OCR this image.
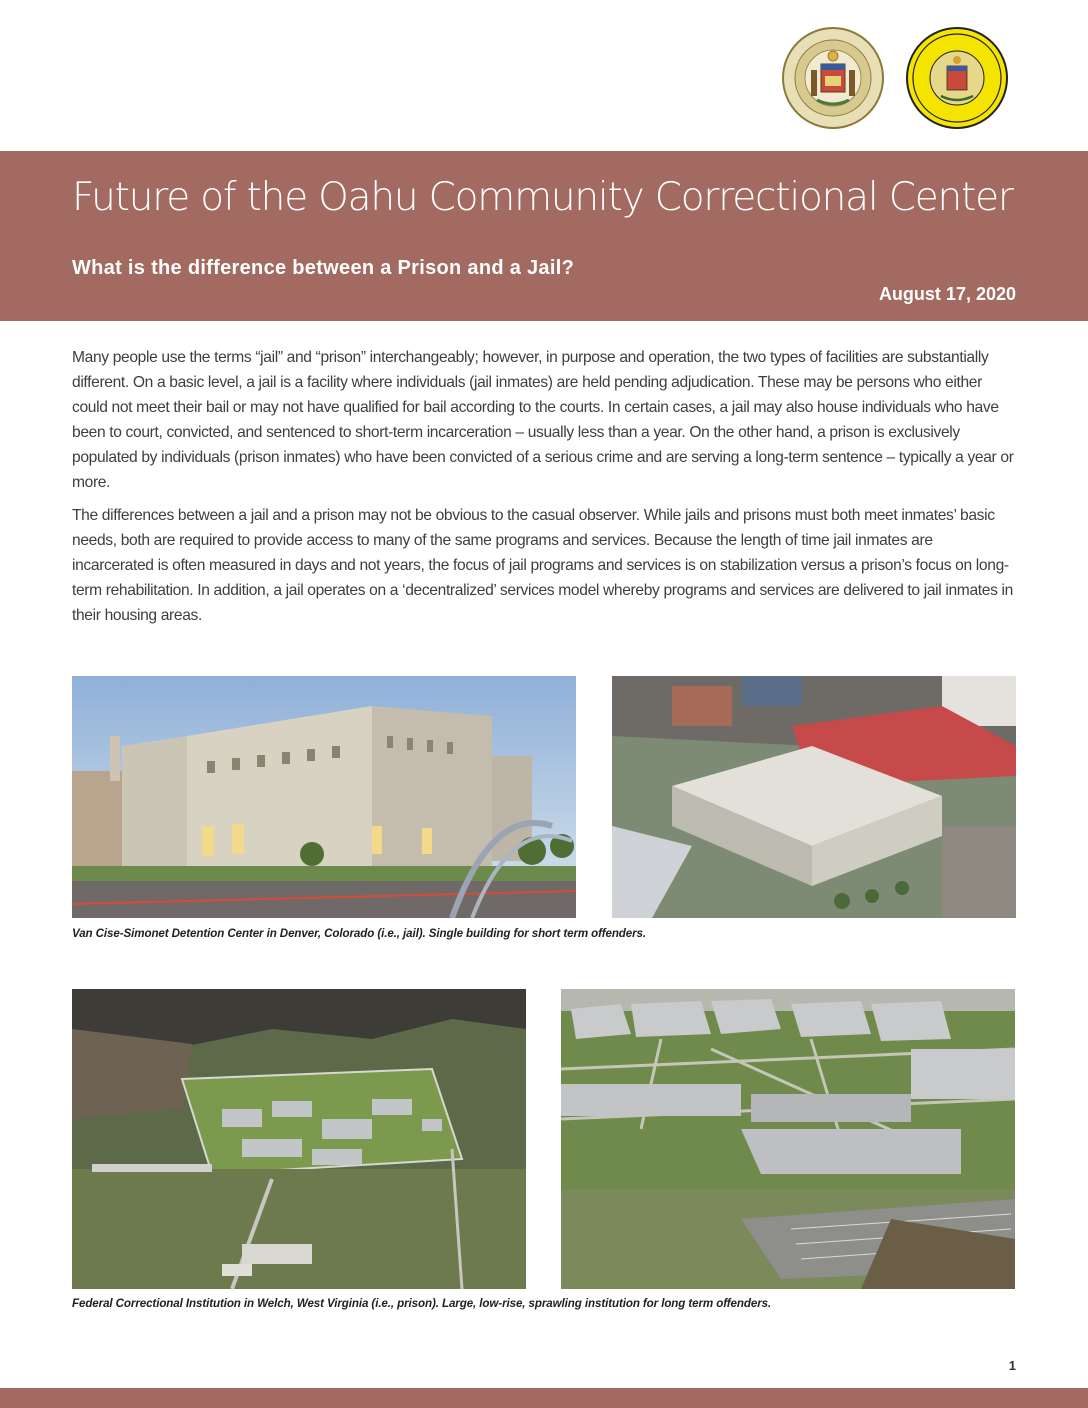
Future of the Oahu Community Correctional Center
What is the difference between a Prison and a Jail?
August 17, 2020

Many people use the terms “jail” and “prison” interchangeably; however, in purpose and operation, the two types of facilities are substantially different. On a basic level, a jail is a facility where individuals (jail inmates) are held pending adjudication. These may be persons who either could not meet their bail or may not have qualified for bail according to the courts. In certain cases, a jail may also house individuals who have been to court, convicted, and sentenced to short-term incarceration – usually less than a year. On the other hand, a prison is exclusively populated by individuals (prison inmates) who have been convicted of a serious crime and are serving a long-term sentence – typically a year or more.

The differences between a jail and a prison may not be obvious to the casual observer. While jails and prisons must both meet inmates’ basic needs, both are required to provide access to many of the same programs and services. Because the length of time jail inmates are incarcerated is often measured in days and not years, the focus of jail programs and services is on stabilization versus a prison’s focus on long-term rehabilitation. In addition, a jail operates on a ‘decentralized’ services model whereby programs and services are delivered to jail inmates in their housing areas.

Van Cise-Simonet Detention Center in Denver, Colorado (i.e., jail). Single building for short term offenders.

Federal Correctional Institution in Welch, West Virginia (i.e., prison). Large, low-rise, sprawling institution for long term offenders.

1
